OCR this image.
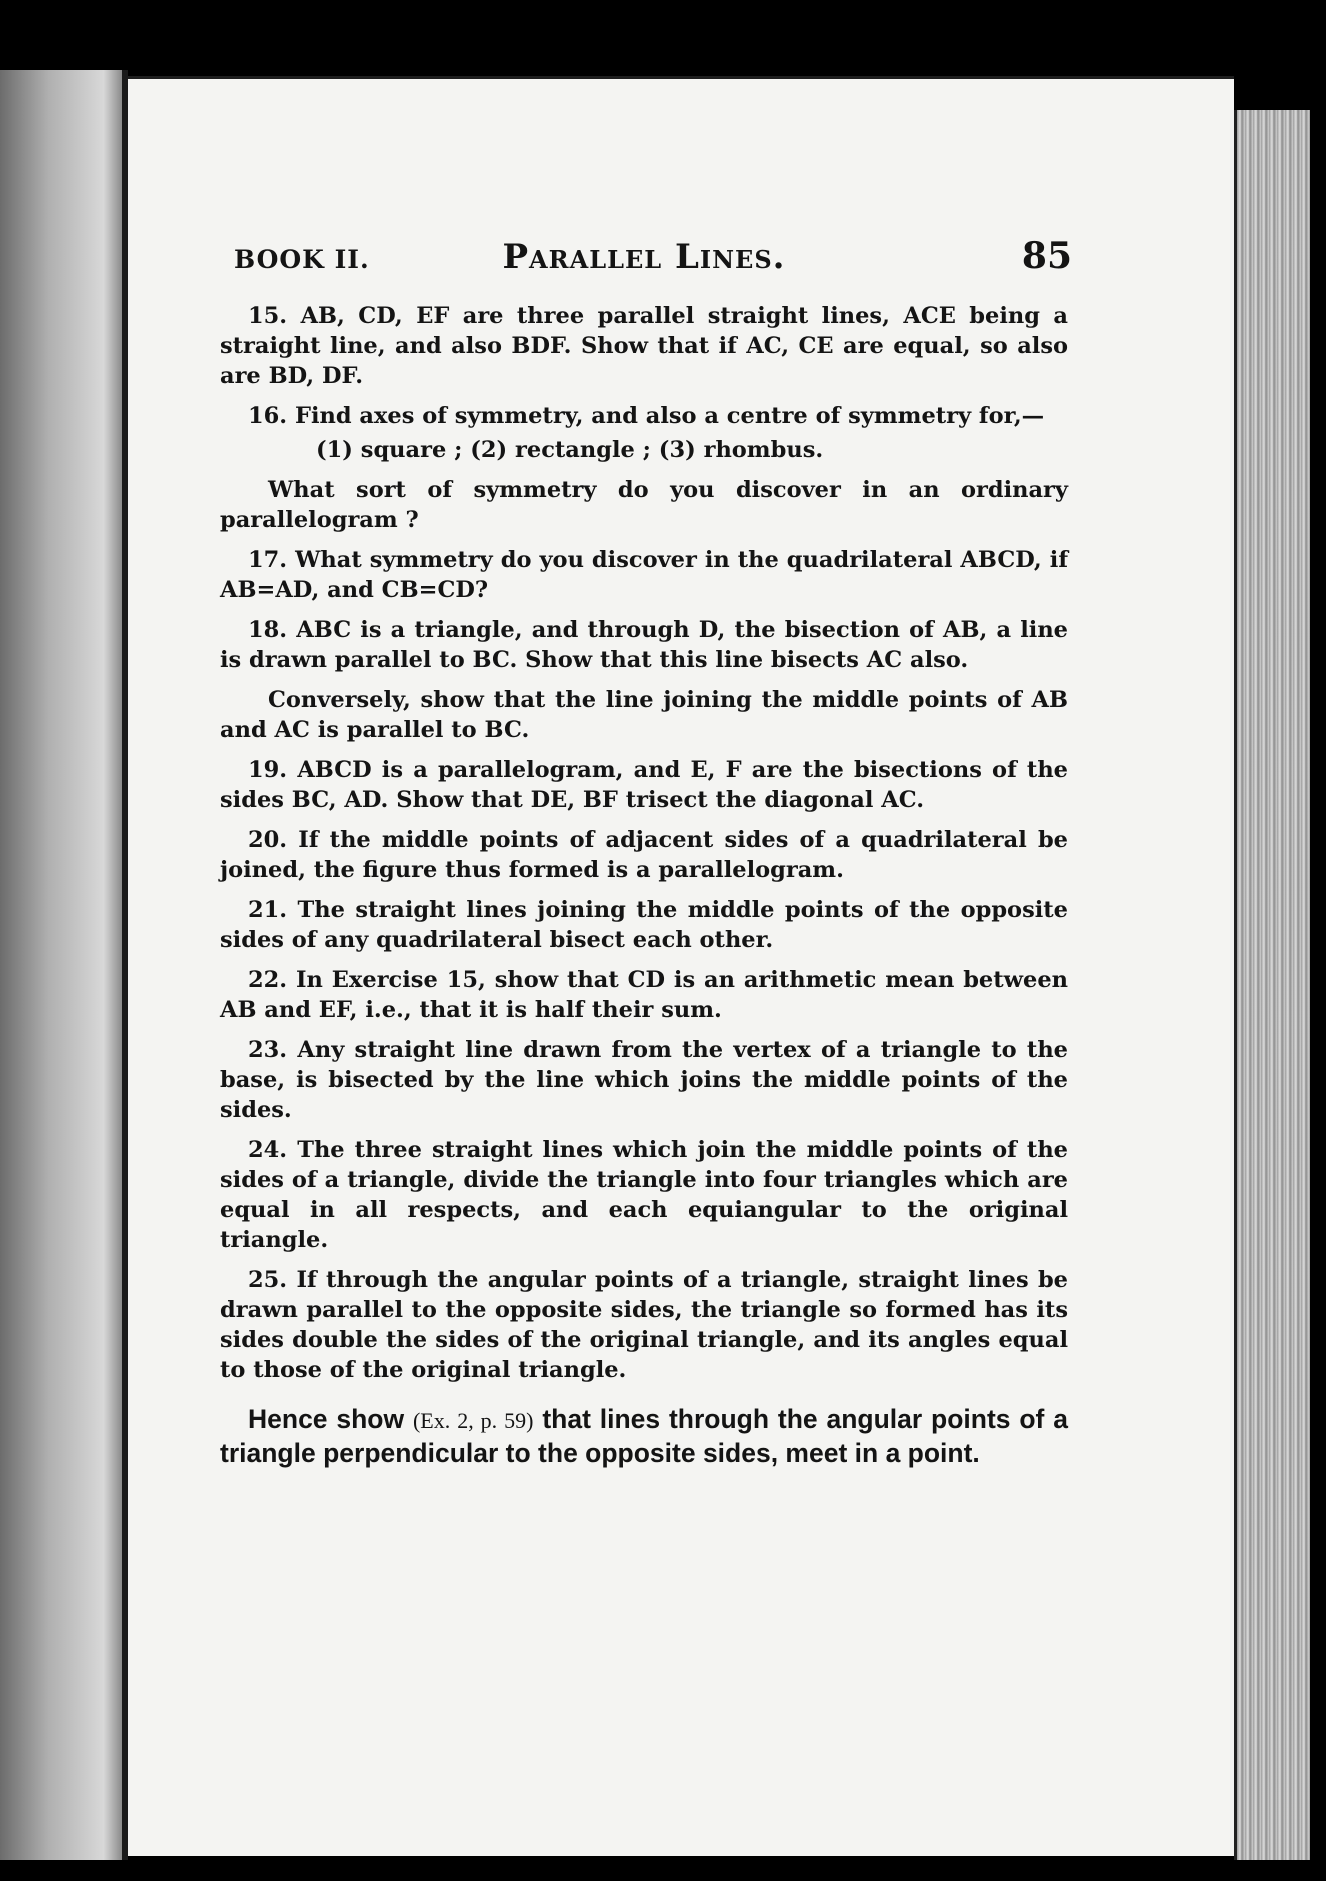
BOOK II.	Parallel Lines.	85

15. AB, CD, EF are three parallel straight lines, ACE being a straight line, and also BDF. Show that if AC, CE are equal, so also are BD, DF.

16. Find axes of symmetry, and also a centre of symmetry for,—

(1) square ; (2) rectangle ; (3) rhombus.

What sort of symmetry do you discover in an ordinary parallelogram ?

17. What symmetry do you discover in the quadrilateral ABCD, if AB=AD, and CB=CD?

18. ABC is a triangle, and through D, the bisection of AB, a line is drawn parallel to BC. Show that this line bisects AC also.

Conversely, show that the line joining the middle points of AB and AC is parallel to BC.

19. ABCD is a parallelogram, and E, F are the bisections of the sides BC, AD. Show that DE, BF trisect the diagonal AC.

20. If the middle points of adjacent sides of a quadrilateral be joined, the figure thus formed is a parallelogram.

21. The straight lines joining the middle points of the opposite sides of any quadrilateral bisect each other.

22. In Exercise 15, show that CD is an arithmetic mean between AB and EF, i.e., that it is half their sum.

23. Any straight line drawn from the vertex of a triangle to the base, is bisected by the line which joins the middle points of the sides.

24. The three straight lines which join the middle points of the sides of a triangle, divide the triangle into four triangles which are equal in all respects, and each equiangular to the original triangle.

25. If through the angular points of a triangle, straight lines be drawn parallel to the opposite sides, the triangle so formed has its sides double the sides of the original triangle, and its angles equal to those of the original triangle.

Hence show (Ex. 2, p. 59) that lines through the angular points of a triangle perpendicular to the opposite sides, meet in a point.
